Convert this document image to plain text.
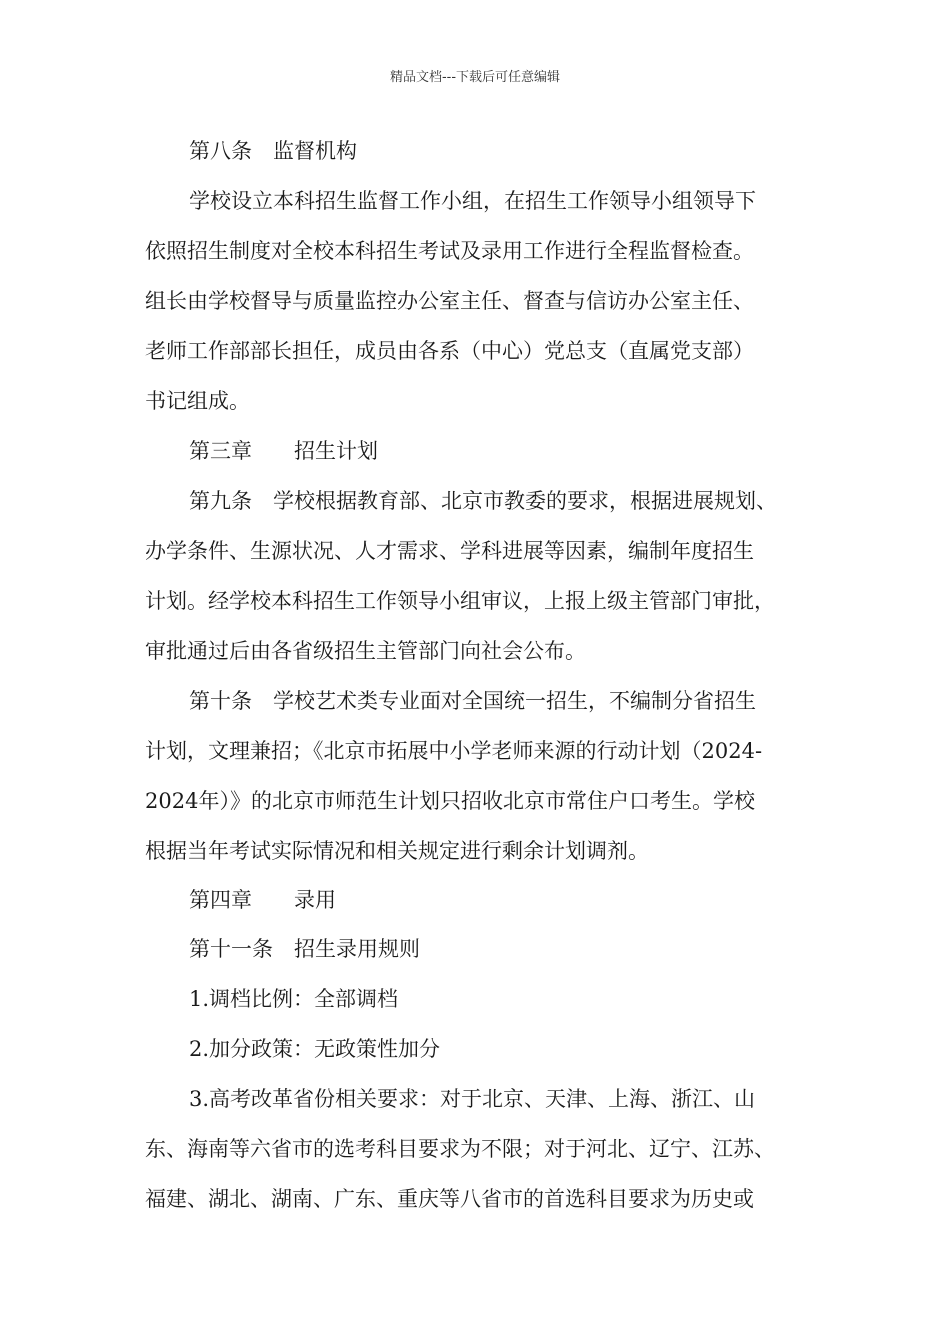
精品文档---下载后可任意编辑
第八条　监督机构
学校设立本科招生监督工作小组，在招生工作领导小组领导下
依照招生制度对全校本科招生考试及录用工作进行全程监督检查。
组长由学校督导与质量监控办公室主任、督查与信访办公室主任、
老师工作部部长担任，成员由各系（中心）党总支（直属党支部）
书记组成。
第三章　　招生计划
第九条　学校根据教育部、北京市教委的要求，根据进展规划、
办学条件、生源状况、人才需求、学科进展等因素，编制年度招生
计划。经学校本科招生工作领导小组审议，上报上级主管部门审批，
审批通过后由各省级招生主管部门向社会公布。
第十条　学校艺术类专业面对全国统一招生，不编制分省招生
计划，文理兼招；《北京市拓展中小学老师来源的行动计划（2024-
2024年）》的北京市师范生计划只招收北京市常住户口考生。学校
根据当年考试实际情况和相关规定进行剩余计划调剂。
第四章　　录用
第十一条　招生录用规则
1.调档比例：全部调档
2.加分政策：无政策性加分
3.高考改革省份相关要求：对于北京、天津、上海、浙江、山
东、海南等六省市的选考科目要求为不限；对于河北、辽宁、江苏、
福建、湖北、湖南、广东、重庆等八省市的首选科目要求为历史或
